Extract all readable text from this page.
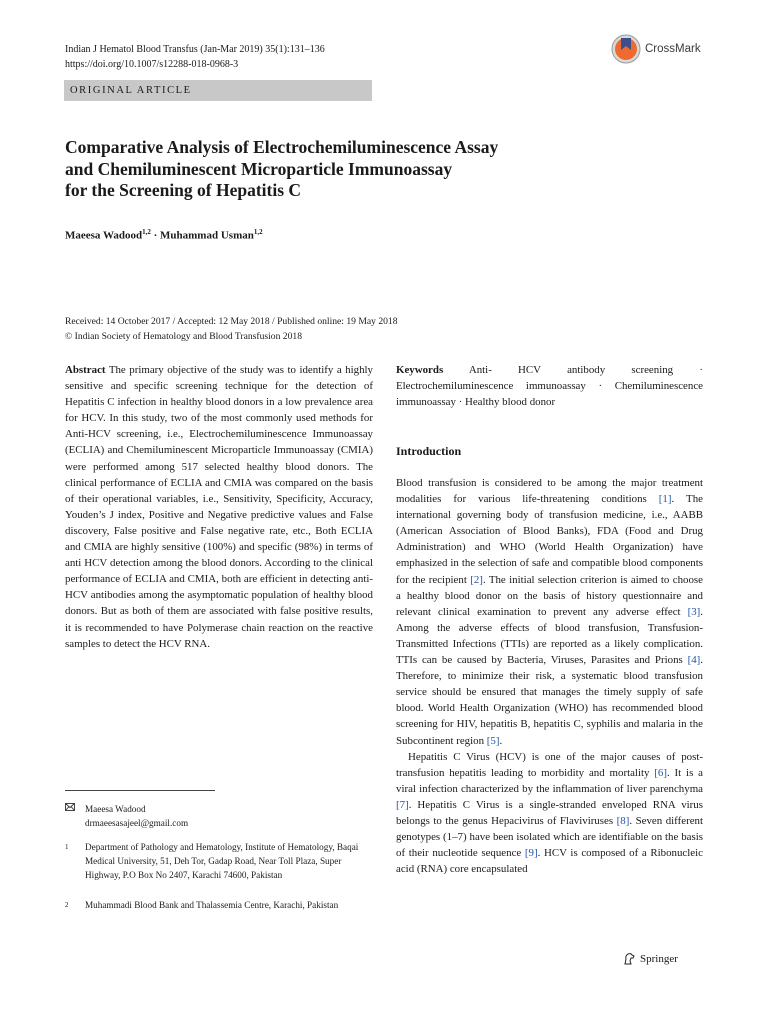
Indian J Hematol Blood Transfus (Jan-Mar 2019) 35(1):131–136
https://doi.org/10.1007/s12288-018-0968-3
CrossMark
ORIGINAL ARTICLE
Comparative Analysis of Electrochemiluminescence Assay
and Chemiluminescent Microparticle Immunoassay
for the Screening of Hepatitis C
Maeesa Wadood$^{1,2}$ · Muhammad Usman$^{1,2}$
Received: 14 October 2017 / Accepted: 12 May 2018 / Published online: 19 May 2018
© Indian Society of Hematology and Blood Transfusion 2018
Abstract The primary objective of the study was to identify a highly sensitive and specific screening technique for the detection of Hepatitis C infection in healthy blood donors in a low prevalence area for HCV. In this study, two of the most commonly used methods for Anti-HCV screening, i.e., Electrochemiluminescence Immunoassay (ECLIA) and Chemiluminescent Microparticle Immunoassay (CMIA) were performed among 517 selected healthy blood donors. The clinical performance of ECLIA and CMIA was compared on the basis of their operational variables, i.e., Sensitivity, Specificity, Accuracy, Youden’s J index, Positive and Negative predictive values and False discovery, False positive and False negative rate, etc., Both ECLIA and CMIA are highly sensitive (100%) and specific (98%) in terms of anti HCV detection among the blood donors. According to the clinical performance of ECLIA and CMIA, both are efficient in detecting anti-HCV antibodies among the asymptomatic population of healthy blood donors. But as both of them are associated with false positive results, it is recommended to have Polymerase chain reaction on the reactive samples to detect the HCV RNA.
Keywords Anti- HCV antibody screening · Electrochemiluminescence immunoassay · Chemiluminescence immunoassay · Healthy blood donor
Introduction

Blood transfusion is considered to be among the major treatment modalities for various life-threatening conditions [1]. The international governing body of transfusion medicine, i.e., AABB (American Association of Blood Banks), FDA (Food and Drug Administration) and WHO (World Health Organization) have emphasized in the selection of safe and compatible blood components for the recipient [2]. The initial selection criterion is aimed to choose a healthy blood donor on the basis of history questionnaire and relevant clinical examination to prevent any adverse effect [3]. Among the adverse effects of blood transfusion, Transfusion-Transmitted Infections (TTIs) are reported as a likely complication. TTIs can be caused by Bacteria, Viruses, Parasites and Prions [4]. Therefore, to minimize their risk, a systematic blood transfusion service should be ensured that manages the timely supply of safe blood. World Health Organization (WHO) has recommended blood screening for HIV, hepatitis B, hepatitis C, syphilis and malaria in the Subcontinent region [5].

Hepatitis C Virus (HCV) is one of the major causes of post-transfusion hepatitis leading to morbidity and mortality [6]. It is a viral infection characterized by the inflammation of liver parenchyma [7]. Hepatitis C Virus is a single-stranded enveloped RNA virus belongs to the genus Hepacivirus of Flaviviruses [8]. Seven different genotypes (1–7) have been isolated which are identifiable on the basis of their nucleotide sequence [9]. HCV is composed of a Ribonucleic acid (RNA) core encapsulated

Maeesa Wadood
drmaeesasajeel@gmail.com
1	Department of Pathology and Hematology, Institute of Hematology, Baqai Medical University, 51, Deh Tor, Gadap Road, Near Toll Plaza, Super Highway, P.O Box No 2407, Karachi 74600, Pakistan
2	Muhammadi Blood Bank and Thalassemia Centre, Karachi, Pakistan
Springer
